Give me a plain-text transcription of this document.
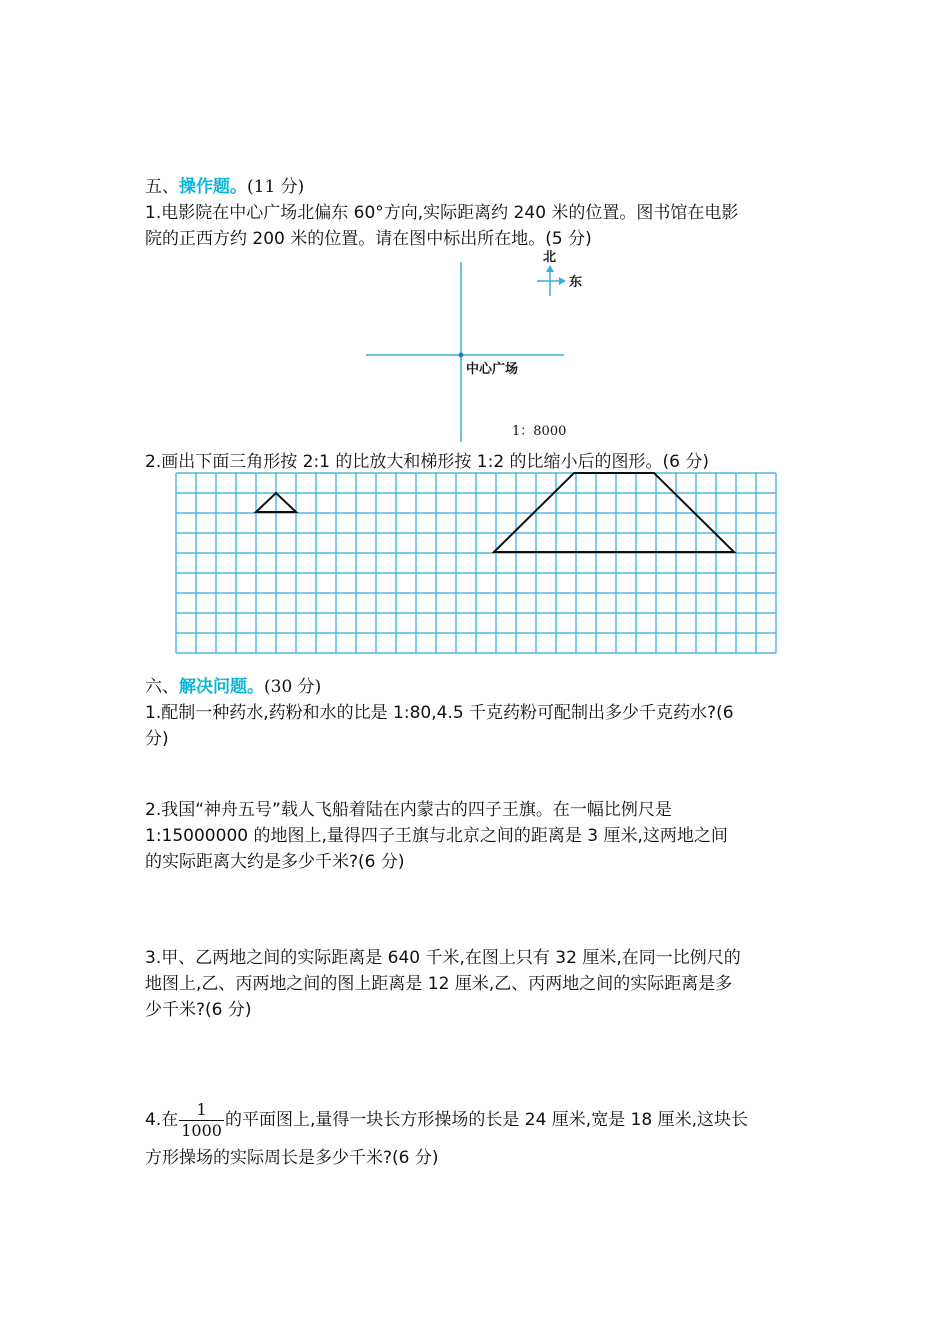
五、操作题。(11 分)
1.电影院在中心广场北偏东 60°方向,实际距离约 240 米的位置。图书馆在电影
院的正西方约 200 米的位置。请在图中标出所在地。(5 分)
北
东
中心广场
1：8000
2.画出下面三角形按 2:1 的比放大和梯形按 1:2 的比缩小后的图形。(6 分)
六、解决问题。(30 分)
1.配制一种药水,药粉和水的比是 1:80,4.5 千克药粉可配制出多少千克药水?(6
分)
2.我国“神舟五号”载人飞船着陆在内蒙古的四子王旗。在一幅比例尺是
1:15000000 的地图上,量得四子王旗与北京之间的距离是 3 厘米,这两地之间
的实际距离大约是多少千米?(6 分)
3.甲、乙两地之间的实际距离是 640 千米,在图上只有 32 厘米,在同一比例尺的
地图上,乙、丙两地之间的图上距离是 12 厘米,乙、丙两地之间的实际距离是多
少千米?(6 分)
4.在 $\frac{1}{1000}$ 的平面图上,量得一块长方形操场的长是 24 厘米,宽是 18 厘米,这块长
方形操场的实际周长是多少千米?(6 分)
